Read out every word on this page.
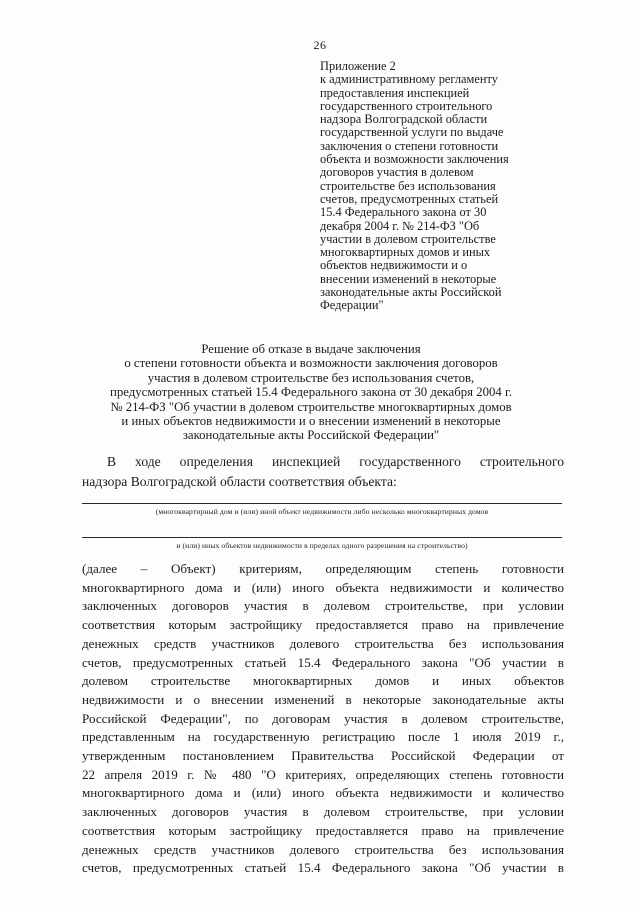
26
Приложение 2
к административному регламенту
предоставления инспекцией
государственного строительного
надзора Волгоградской области
государственной услуги по выдаче
заключения о степени готовности
объекта и возможности заключения
договоров участия в долевом
строительстве без использования
счетов, предусмотренных статьей
15.4 Федерального закона от 30
декабря 2004 г. № 214-ФЗ "Об
участии в долевом строительстве
многоквартирных домов и иных
объектов недвижимости и о
внесении изменений в некоторые
законодательные акты Российской
Федерации"
Решение об отказе в выдаче заключения
о степени готовности объекта и возможности заключения договоров
участия в долевом строительстве без использования счетов,
предусмотренных статьей 15.4 Федерального закона от 30 декабря 2004 г.
№ 214-ФЗ "Об участии в долевом строительстве многоквартирных домов
и иных объектов недвижимости и о внесении изменений в некоторые
законодательные акты Российской Федерации"
В ходе определения инспекцией государственного строительного
надзора Волгоградской области соответствия объекта:
(многоквартирный дом и (или) иной объект недвижимости либо несколько многоквартирных домов
и (или) иных объектов недвижимости в пределах одного разрешения на строительство)
(далее – Объект) критериям, определяющим степень готовности
многоквартирного дома и (или) иного объекта недвижимости и количество
заключенных договоров участия в долевом строительстве, при условии
соответствия которым застройщику предоставляется право на привлечение
денежных средств участников долевого строительства без использования
счетов, предусмотренных статьей 15.4 Федерального закона "Об участии в
долевом строительстве многоквартирных домов и иных объектов
недвижимости и о внесении изменений в некоторые законодательные акты
Российской Федерации", по договорам участия в долевом строительстве,
представленным на государственную регистрацию после 1 июля 2019 г.,
утвержденным постановлением Правительства Российской Федерации от
22 апреля 2019 г. № 480 "О критериях, определяющих степень готовности
многоквартирного дома и (или) иного объекта недвижимости и количество
заключенных договоров участия в долевом строительстве, при условии
соответствия которым застройщику предоставляется право на привлечение
денежных средств участников долевого строительства без использования
счетов, предусмотренных статьей 15.4 Федерального закона "Об участии в
